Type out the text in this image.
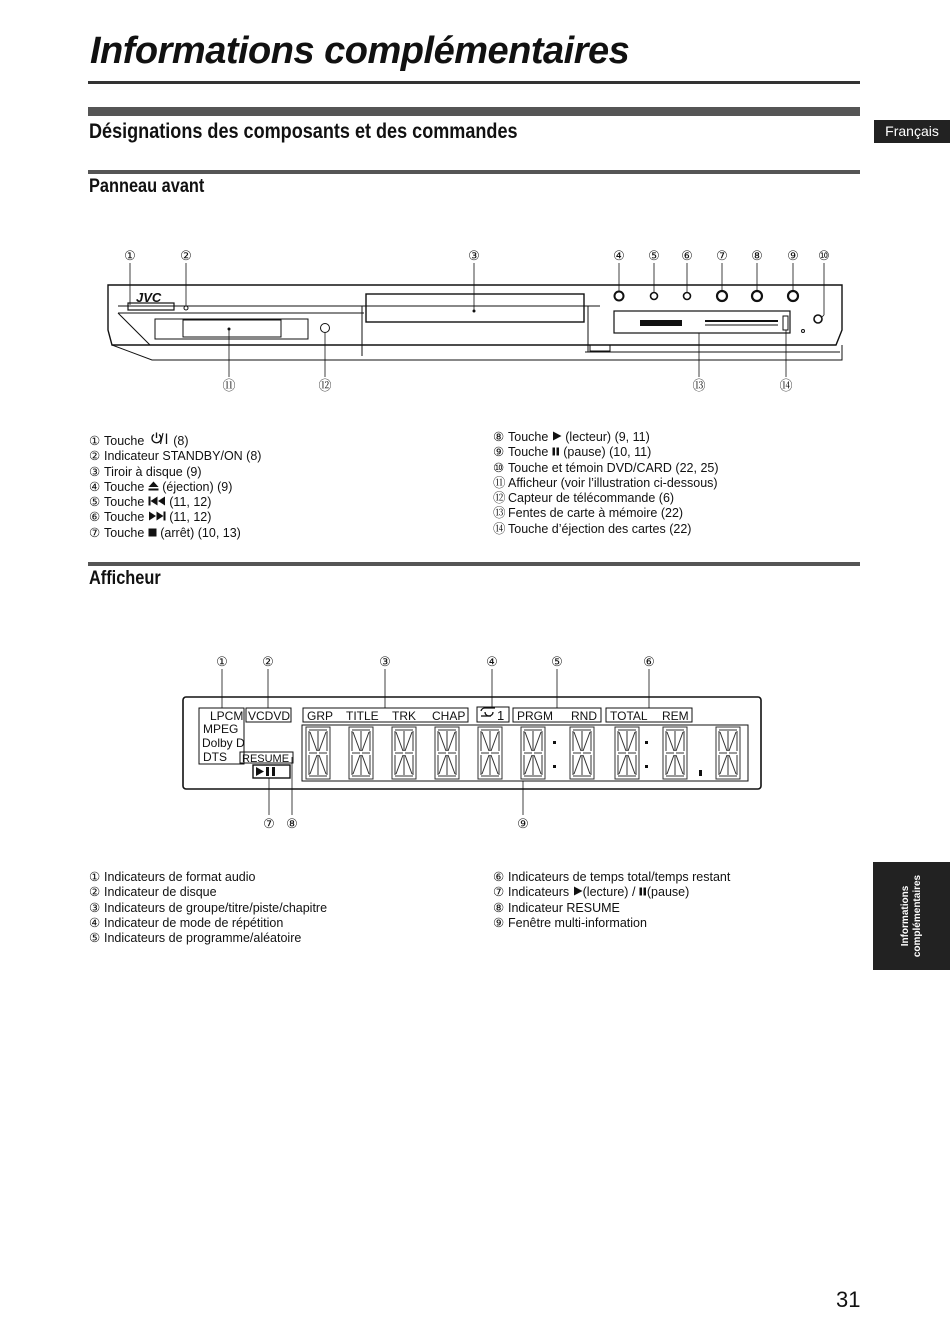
Informations complémentaires
Français
Désignations des composants et des commandes
Panneau avant
JVC
①	②	③	④ ⑤ ⑥ ⑦ ⑧ ⑨ ⑩
⑪	⑫	⑬	⑭
① Touche  (8)
② Indicateur STANDBY/ON (8)
③ Tiroir à disque (9)
④ Touche  (éjection) (9)
⑤ Touche  (11, 12)
⑥ Touche  (11, 12)
⑦ Touche  (arrêt) (10, 13)
⑧ Touche  (lecteur) (9, 11)
⑨ Touche  (pause) (10, 11)
⑩ Touche et témoin DVD/CARD (22, 25)
⑪ Afficheur (voir l’illustration ci-dessous)
⑫ Capteur de télécommande (6)
⑬ Fentes de carte à mémoire (22)
⑭ Touche d’éjection des cartes (22)
Afficheur
LPCM
MPEG
Dolby D
DTS
VCDVD GRP TITLE TRK CHAP 1 PRGM RND TOTAL REM
RESUME
①	②	③	④	⑤	⑥
⑦ ⑧	⑨
① Indicateurs de format audio
② Indicateur de disque
③ Indicateurs de groupe/titre/piste/chapitre
④ Indicateur de mode de répétition
⑤ Indicateurs de programme/aléatoire
⑥ Indicateurs de temps total/temps restant
⑦ Indicateurs (lecture) / (pause)
⑧ Indicateur RESUME
⑨ Fenêtre multi-information	Informations complémentaires
31
